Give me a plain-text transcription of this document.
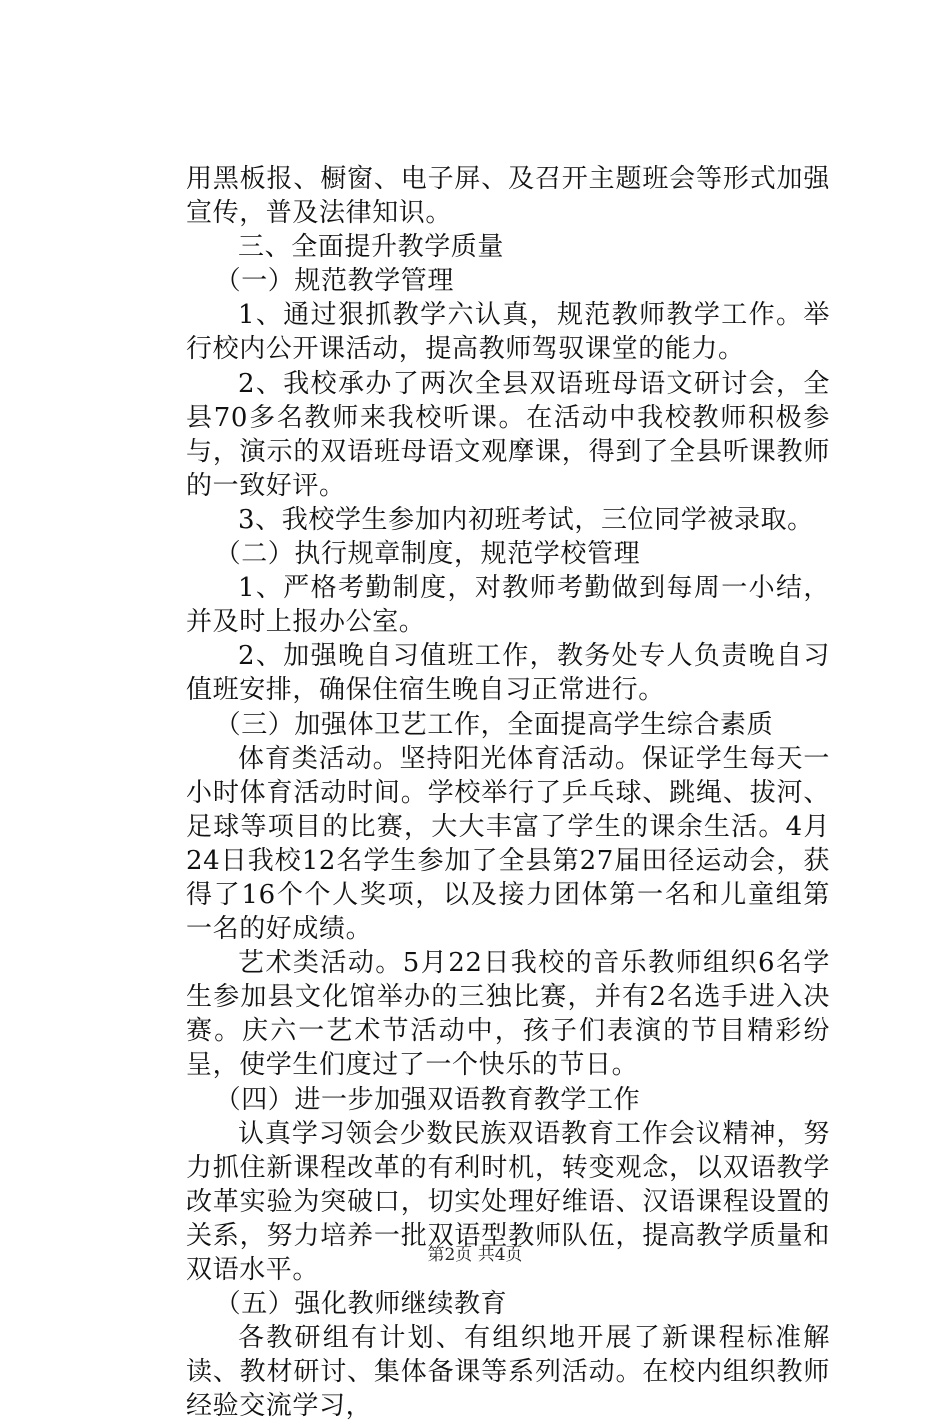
用黑板报、橱窗、电子屏、及召开主题班会等形式加强宣传，普及法律知识。

三、全面提升教学质量

（一）规范教学管理

1、通过狠抓教学六认真，规范教师教学工作。举行校内公开课活动，提高教师驾驭课堂的能力。

2、我校承办了两次全县双语班母语文研讨会，全县70多名教师来我校听课。在活动中我校教师积极参与，演示的双语班母语文观摩课，得到了全县听课教师的一致好评。

3、我校学生参加内初班考试，三位同学被录取。

（二）执行规章制度，规范学校管理

1、严格考勤制度，对教师考勤做到每周一小结，并及时上报办公室。

2、加强晚自习值班工作，教务处专人负责晚自习值班安排，确保住宿生晚自习正常进行。

（三）加强体卫艺工作，全面提高学生综合素质

体育类活动。坚持阳光体育活动。保证学生每天一小时体育活动时间。学校举行了乒乓球、跳绳、拔河、足球等项目的比赛，大大丰富了学生的课余生活。4月24日我校12名学生参加了全县第27届田径运动会，获得了16个个人奖项，以及接力团体第一名和儿童组第一名的好成绩。

艺术类活动。5月22日我校的音乐教师组织6名学生参加县文化馆举办的三独比赛，并有2名选手进入决赛。庆六一艺术节活动中，孩子们表演的节目精彩纷呈，使学生们度过了一个快乐的节日。

（四）进一步加强双语教育教学工作

认真学习领会少数民族双语教育工作会议精神，努力抓住新课程改革的有利时机，转变观念，以双语教学改革实验为突破口，切实处理好维语、汉语课程设置的关系，努力培养一批双语型教师队伍，提高教学质量和双语水平。

（五）强化教师继续教育

各教研组有计划、有组织地开展了新课程标准解读、教材研讨、集体备课等系列活动。在校内组织教师经验交流学习，

第2页 共4页
